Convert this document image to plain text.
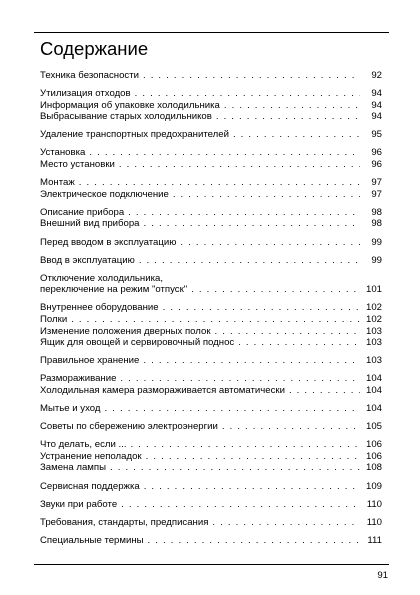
Содержание
Техника безопасности . . .	92
Утилизация отходов . . .	94
Информация об упаковке холодильника . . .	94
Выбрасывание старых холодильников . . .	94
Удаление транспортных предохранителей . . .	95
Установка . . .	96
Место установки . . .	96
Монтаж . . .	97
Электрическое подключение . . .	97
Описание прибора . . .	98
Внешний вид прибора . . .	98
Перед вводом в эксплуатацию . . .	99
Ввод в эксплуатацию . . .	99
Отключение холодильника,
переключение на режим "отпуск" . . .	101
Внутреннее оборудование . . .	102
Полки . . .	102
Изменение положения дверных полок . . .	103
Ящик для овощей и сервировочный поднос . . .	103
Правильное хранение . . .	103
Размораживание . . .	104
Холодильная камера размораживается автоматически . . .	104
Мытье и уход . . .	104
Советы по сбережению электроэнергии . . .	105
Что делать, если ... . . .	106
Устранение неполадок . . .	106
Замена лампы . . .	108
Сервисная поддержка . . .	109
Звуки при работе . . .	110
Требования, стандарты, предписания . . .	110
Специальные термины . . .	111
91
